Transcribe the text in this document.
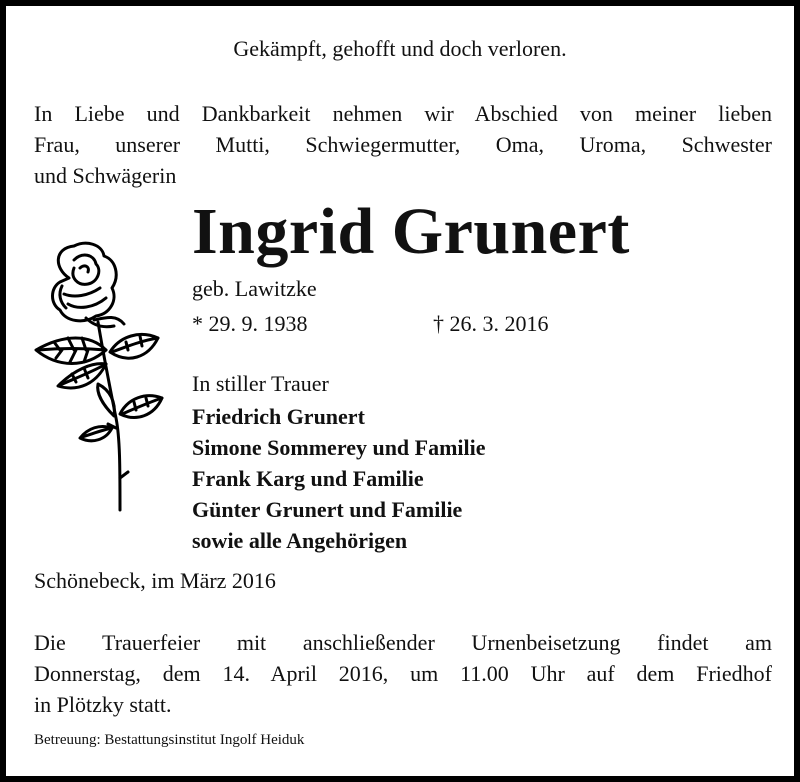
Gekämpft, gehofft und doch verloren.
In Liebe und Dankbarkeit nehmen wir Abschied von meiner lieben
Frau, unserer Mutti, Schwiegermutter, Oma, Uroma, Schwester
und Schwägerin
Ingrid Grunert
geb. Lawitzke
* 29. 9. 1938	† 26. 3. 2016
In stiller Trauer
Friedrich Grunert
Simone Sommerey und Familie
Frank Karg und Familie
Günter Grunert und Familie
sowie alle Angehörigen
Schönebeck, im März 2016
Die Trauerfeier mit anschließender Urnenbeisetzung findet am
Donnerstag, dem 14. April 2016, um 11.00 Uhr auf dem Friedhof
in Plötzky statt.
Betreuung: Bestattungsinstitut Ingolf Heiduk
